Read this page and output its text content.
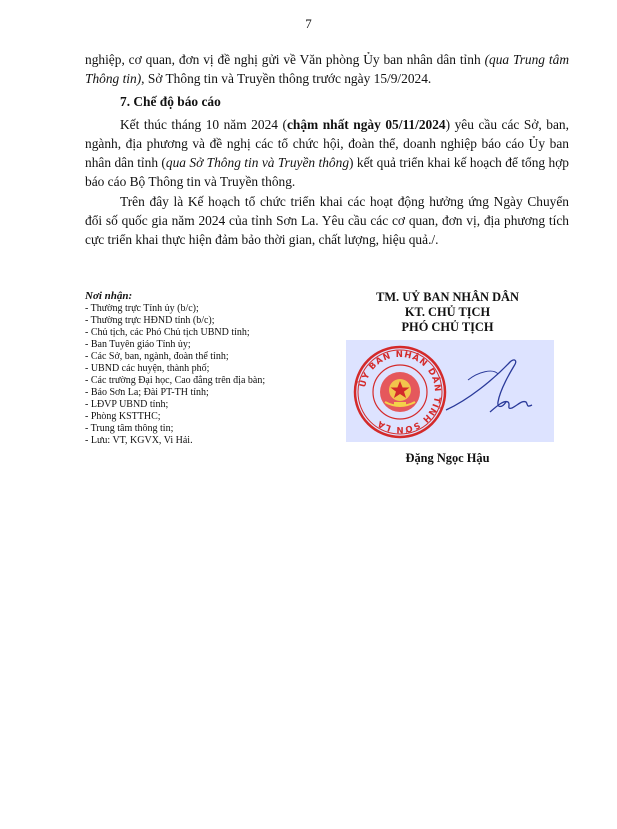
7

nghiệp, cơ quan, đơn vị đề nghị gửi về Văn phòng Ủy ban nhân dân tỉnh (qua Trung tâm Thông tin), Sở Thông tin và Truyền thông trước ngày 15/9/2024.

7. Chế độ báo cáo

Kết thúc tháng 10 năm 2024 (chậm nhất ngày 05/11/2024) yêu cầu các Sở, ban, ngành, địa phương và đề nghị các tổ chức hội, đoàn thể, doanh nghiệp báo cáo Ủy ban nhân dân tỉnh (qua Sở Thông tin và Truyền thông) kết quả triển khai kế hoạch để tổng hợp báo cáo Bộ Thông tin và Truyền thông.

Trên đây là Kế hoạch tổ chức triển khai các hoạt động hưởng ứng Ngày Chuyển đổi số quốc gia năm 2024 của tỉnh Sơn La. Yêu cầu các cơ quan, đơn vị, địa phương tích cực triển khai thực hiện đảm bảo thời gian, chất lượng, hiệu quả./.

Nơi nhận:
- Thường trực Tỉnh ủy (b/c);
- Thường trực HĐND tỉnh (b/c);
- Chủ tịch, các Phó Chủ tịch UBND tỉnh;
- Ban Tuyên giáo Tỉnh ủy;
- Các Sở, ban, ngành, đoàn thể tỉnh;
- UBND các huyện, thành phố;
- Các trường Đại học, Cao đẳng trên địa bàn;
- Báo Sơn La; Đài PT-TH tỉnh;
- LĐVP UBND tỉnh;
- Phòng KSTTHC;
- Trung tâm thông tin;
- Lưu: VT, KGVX, Vi Hải.
TM. UỶ BAN NHÂN DÂN
KT. CHỦ TỊCH
PHÓ CHỦ TỊCH
ỦY BAN NHÂN DÂN TỈNH SƠN LA
Đặng Ngọc Hậu
